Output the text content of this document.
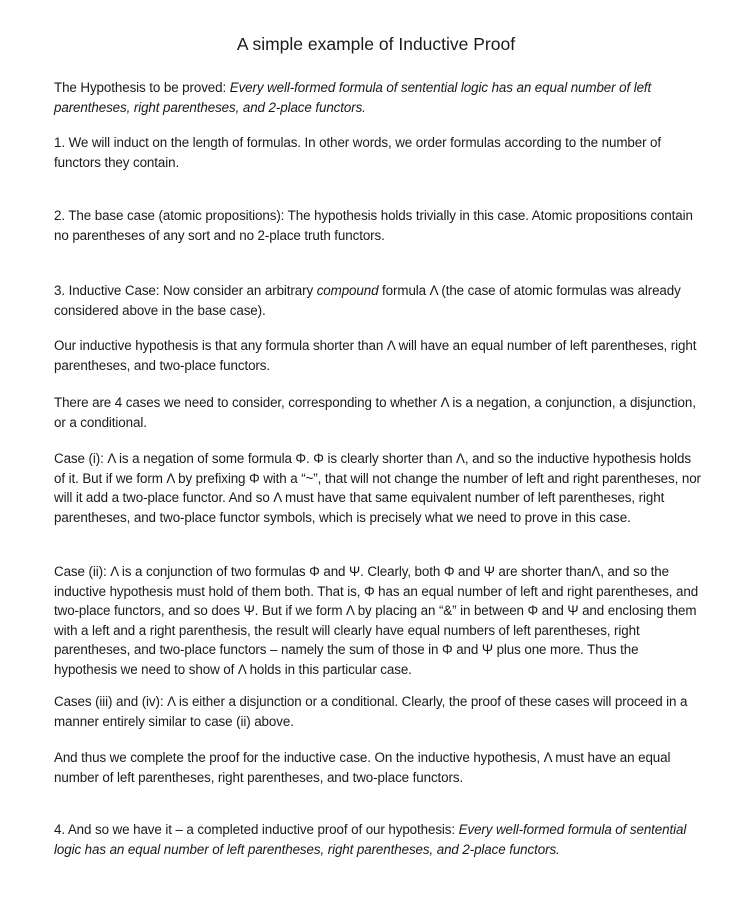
A simple example of Inductive Proof
The Hypothesis to be proved: Every well-formed formula of sentential logic has an equal number of left parentheses, right parentheses, and 2-place functors.
1. We will induct on the length of formulas. In other words, we order formulas according to the number of functors they contain.
2. The base case (atomic propositions): The hypothesis holds trivially in this case. Atomic propositions contain no parentheses of any sort and no 2-place truth functors.
3. Inductive Case: Now consider an arbitrary compound formula Λ (the case of atomic formulas was already considered above in the base case).
Our inductive hypothesis is that any formula shorter than Λ will have an equal number of left parentheses, right parentheses, and two-place functors.
There are 4 cases we need to consider, corresponding to whether Λ is a negation, a conjunction, a disjunction, or a conditional.
Case (i): Λ is a negation of some formula Φ. Φ is clearly shorter than Λ, and so the inductive hypothesis holds of it. But if we form Λ by prefixing Φ with a “~”, that will not change the number of left and right parentheses, nor will it add a two-place functor. And so Λ must have that same equivalent number of left parentheses, right parentheses, and two-place functor symbols, which is precisely what we need to prove in this case.
Case (ii): Λ is a conjunction of two formulas Φ and Ψ. Clearly, both Φ and Ψ are shorter thanΛ, and so the inductive hypothesis must hold of them both. That is, Φ has an equal number of left and right parentheses, and two-place functors, and so does Ψ. But if we form Λ by placing an “&” in between Φ and Ψ and enclosing them with a left and a right parenthesis, the result will clearly have equal numbers of left parentheses, right parentheses, and two-place functors – namely the sum of those in Φ and Ψ plus one more. Thus the hypothesis we need to show of Λ holds in this particular case.
Cases (iii) and (iv): Λ is either a disjunction or a conditional. Clearly, the proof of these cases will proceed in a manner entirely similar to case (ii) above.
And thus we complete the proof for the inductive case. On the inductive hypothesis, Λ must have an equal number of left parentheses, right parentheses, and two-place functors.
4. And so we have it – a completed inductive proof of our hypothesis: Every well-formed formula of sentential logic has an equal number of left parentheses, right parentheses, and 2-place functors.
